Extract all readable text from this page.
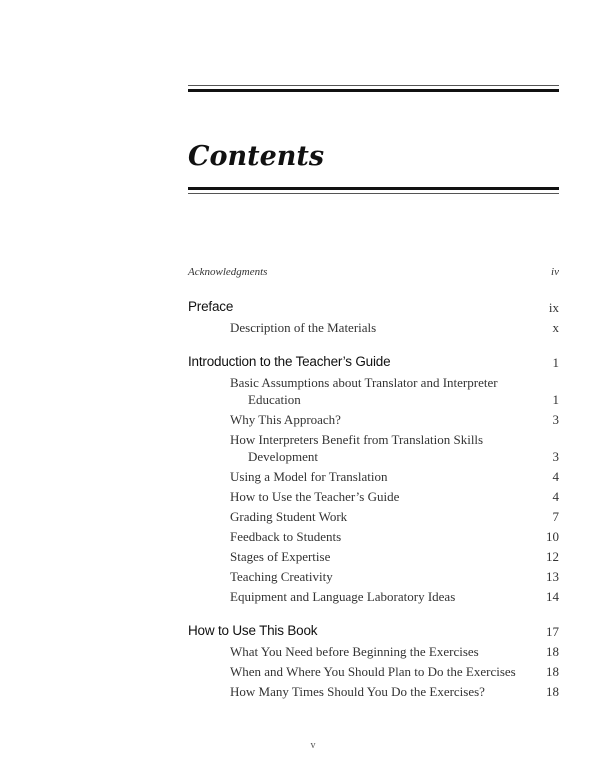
Contents
Acknowledgments	iv
Preface	ix
Description of the Materials	x
Introduction to the Teacher’s Guide	1
Basic Assumptions about Translator and Interpreter
Education	1
Why This Approach?	3
How Interpreters Benefit from Translation Skills
Development	3
Using a Model for Translation	4
How to Use the Teacher’s Guide	4
Grading Student Work	7
Feedback to Students	10
Stages of Expertise	12
Teaching Creativity	13
Equipment and Language Laboratory Ideas	14
How to Use This Book	17
What You Need before Beginning the Exercises	18
When and Where You Should Plan to Do the Exercises 18
How Many Times Should You Do the Exercises?	18
v
